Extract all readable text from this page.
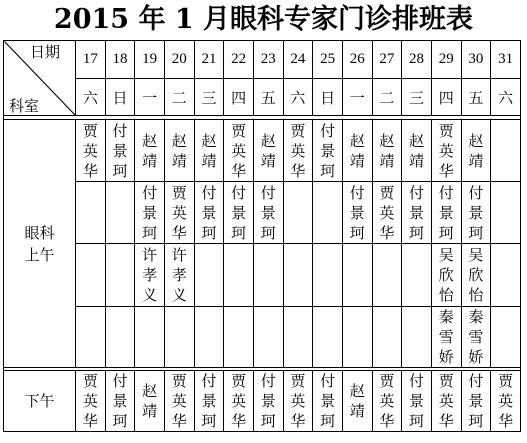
2015 年 1 月眼科专家门诊排班表
日期
科室	17	18	19	20	21	22	23	24	25	26	27	28	29	30	31
	六	日	一	二	三	四	五	六	日	一	二	三	四	五	六

眼科
上午	贾英华	付景珂	赵靖	赵靖	赵靖	贾英华	赵靖	贾英华	付景珂	赵靖	赵靖	赵靖	贾英华	赵靖	
			付景珂	贾英华	付景珂	付景珂	付景珂			付景珂	贾英华	付景珂	付景珂	付景珂	
			许孝义	许孝义									吴欣怡	吴欣怡	
													秦雪娇	秦雪娇	

下午	贾英华	付景珂	赵靖	贾英华	付景珂	贾英华	付景珂	贾英华	付景珂	赵靖	贾英华	付景珂	贾英华	付景珂	贾英华
